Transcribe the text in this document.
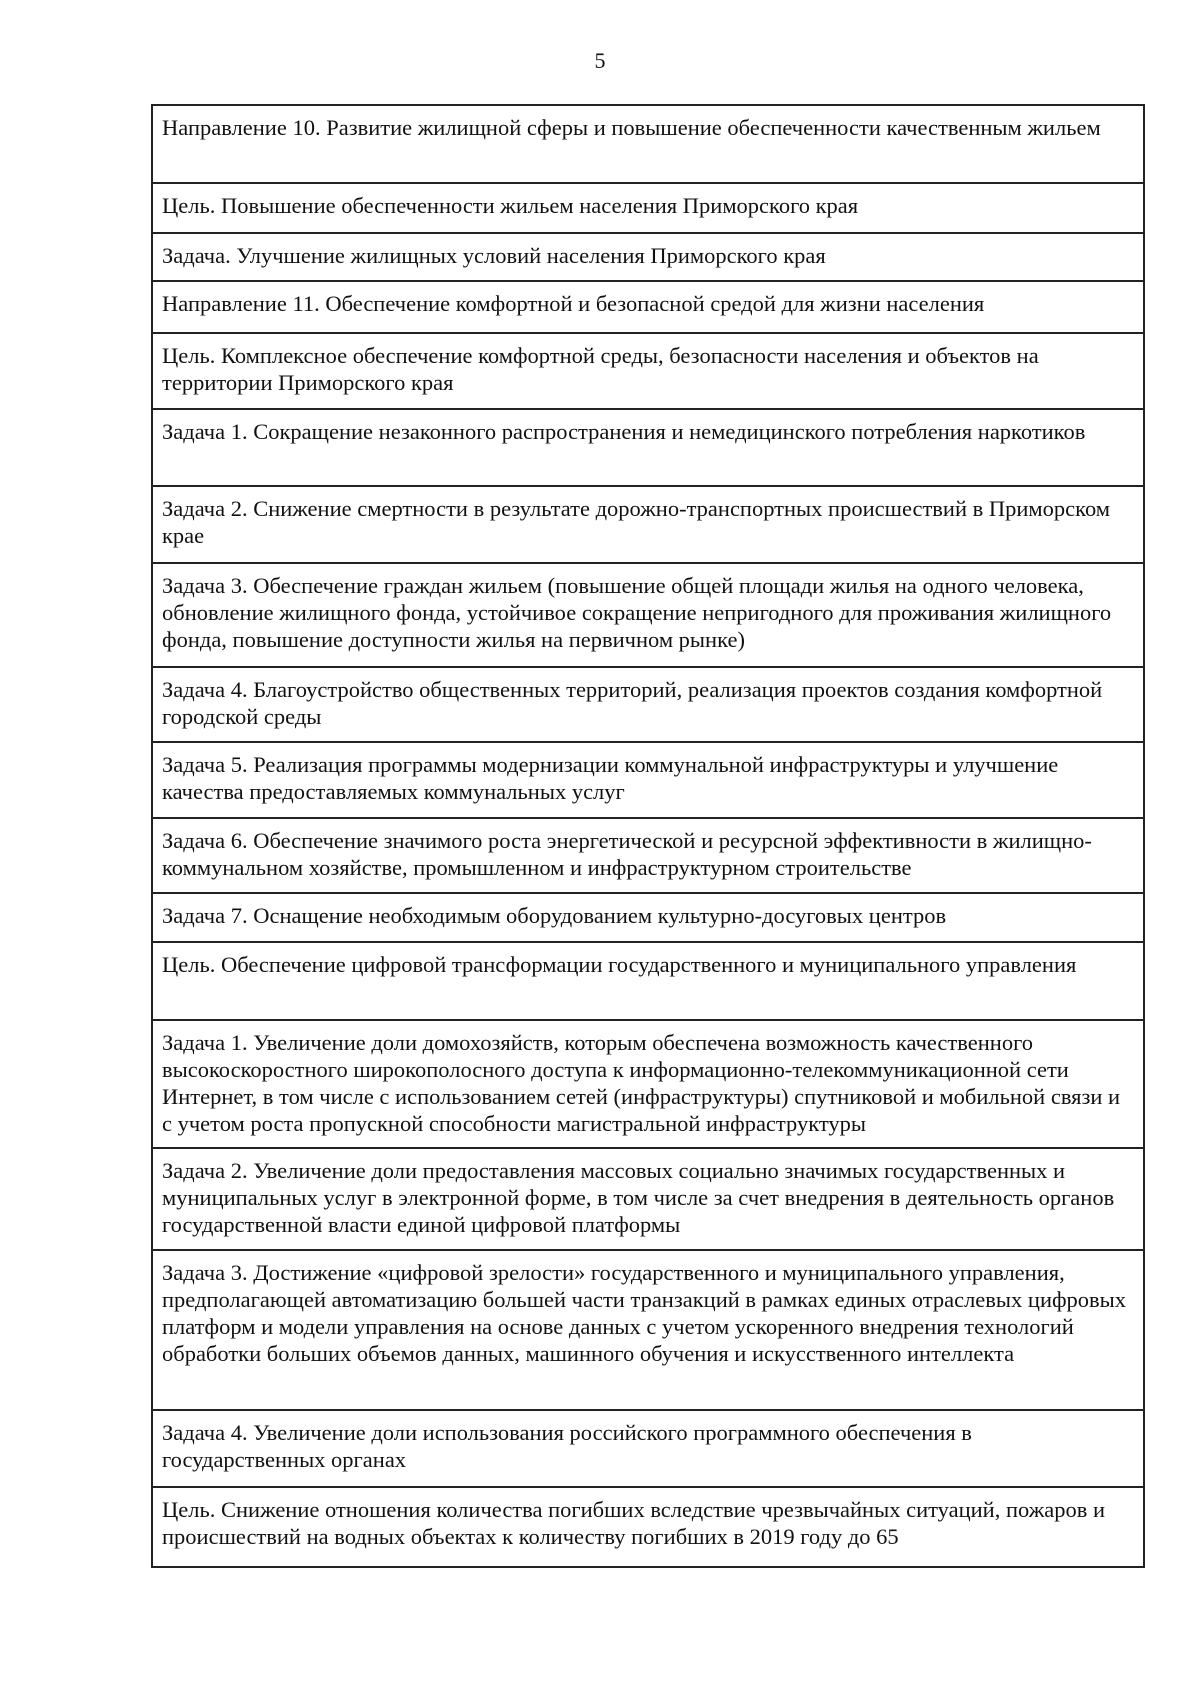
5
Направление 10. Развитие жилищной сферы и повышение обеспеченности качественным жильем
Цель. Повышение обеспеченности жильем населения Приморского края
Задача. Улучшение жилищных условий населения Приморского края
Направление 11. Обеспечение комфортной и безопасной средой для жизни населения
Цель. Комплексное обеспечение комфортной среды, безопасности населения и объектов на территории Приморского края
Задача 1. Сокращение незаконного распространения и немедицинского потребления наркотиков
Задача 2. Снижение смертности в результате дорожно-транспортных происшествий в Приморском крае
Задача 3. Обеспечение граждан жильем (повышение общей площади жилья на одного человека, обновление жилищного фонда, устойчивое сокращение непригодного для проживания жилищного фонда, повышение доступности жилья на первичном рынке)
Задача 4. Благоустройство общественных территорий, реализация проектов создания комфортной городской среды
Задача 5. Реализация программы модернизации коммунальной инфраструктуры и улучшение качества предоставляемых коммунальных услуг
Задача 6. Обеспечение значимого роста энергетической и ресурсной эффективности в жилищно-коммунальном хозяйстве, промышленном и инфраструктурном строительстве
Задача 7. Оснащение необходимым оборудованием культурно-досуговых центров
Цель. Обеспечение цифровой трансформации государственного и муниципального управления
Задача 1. Увеличение доли домохозяйств, которым обеспечена возможность качественного высокоскоростного широкополосного доступа к информационно-телекоммуникационной сети Интернет, в том числе с использованием сетей (инфраструктуры) спутниковой и мобильной связи и с учетом роста пропускной способности магистральной инфраструктуры
Задача 2. Увеличение доли предоставления массовых социально значимых государственных и муниципальных услуг в электронной форме, в том числе за счет внедрения в деятельность органов государственной власти единой цифровой платформы
Задача 3. Достижение «цифровой зрелости» государственного и муниципального управления, предполагающей автоматизацию большей части транзакций в рамках единых отраслевых цифровых платформ и модели управления на основе данных с учетом ускоренного внедрения технологий обработки больших объемов данных, машинного обучения и искусственного интеллекта
Задача 4. Увеличение доли использования российского программного обеспечения в государственных органах
Цель. Снижение отношения количества погибших вследствие чрезвычайных ситуаций, пожаров и происшествий на водных объектах к количеству погибших в 2019 году до 65
